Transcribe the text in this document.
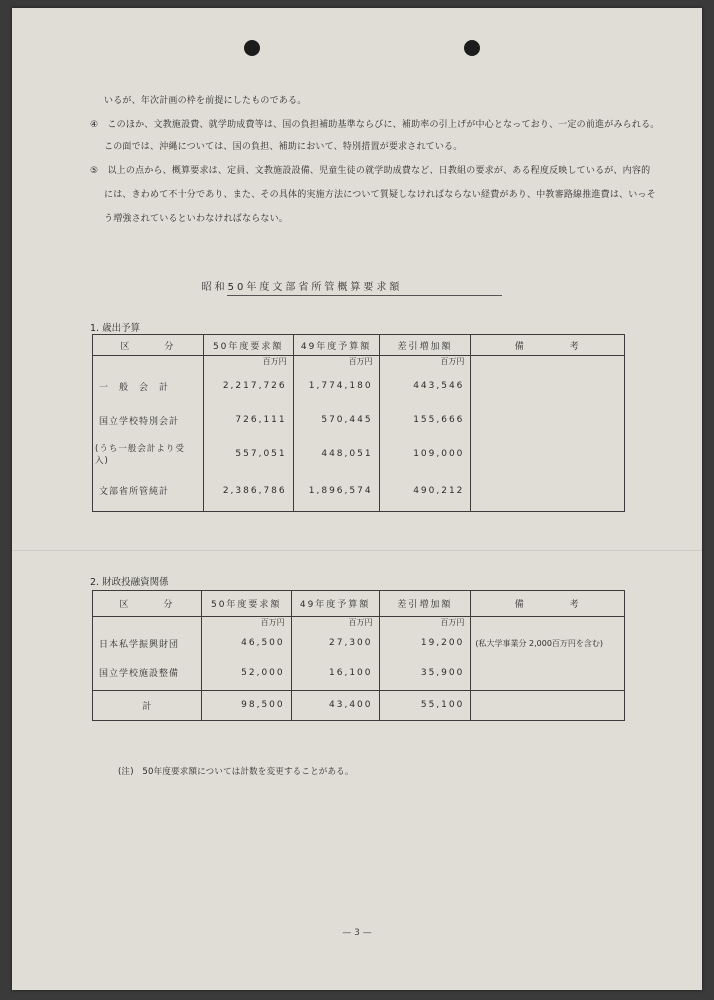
いるが、年次計画の枠を前提にしたものである。
④　このほか、文教施設費、就学助成費等は、国の負担補助基準ならびに、補助率の引上げが中心となっており、一定の前進がみられる。
この面では、沖縄については、国の負担、補助において、特別措置が要求されている。
⑤　以上の点から、概算要求は、定員、文教施設設備、児童生徒の就学助成費など、日教組の要求が、ある程度反映しているが、内容的
には、きわめて不十分であり、また、その具体的実施方法について質疑しなければならない経費があり、中教審路線推進費は、いっそ
う増強されているといわなければならない。
昭和50年度文部省所管概算要求額
1. 歳出予算
区　　　分	50年度要求額	49年度予算額	差引増加額	備　　　　考
	百万円	百万円	百万円	
一　般　会　計	2,217,726	1,774,180	443,546	
国立学校特別会計	726,111	570,445	155,666	
(うち一般会計より受入)	557,051	448,051	109,000	
文部省所管純計	2,386,786	1,896,574	490,212	
2. 財政投融資関係
区　　　分	50年度要求額	49年度予算額	差引増加額	備　　　　考
	百万円	百万円	百万円	
日本私学振興財団	46,500	27,300	19,200	(私大学事業分 2,000百万円を含む)
国立学校施設整備	52,000	16,100	35,900	
計	98,500	43,400	55,100	
(注)　50年度要求額については計数を変更することがある。
— 3 —
